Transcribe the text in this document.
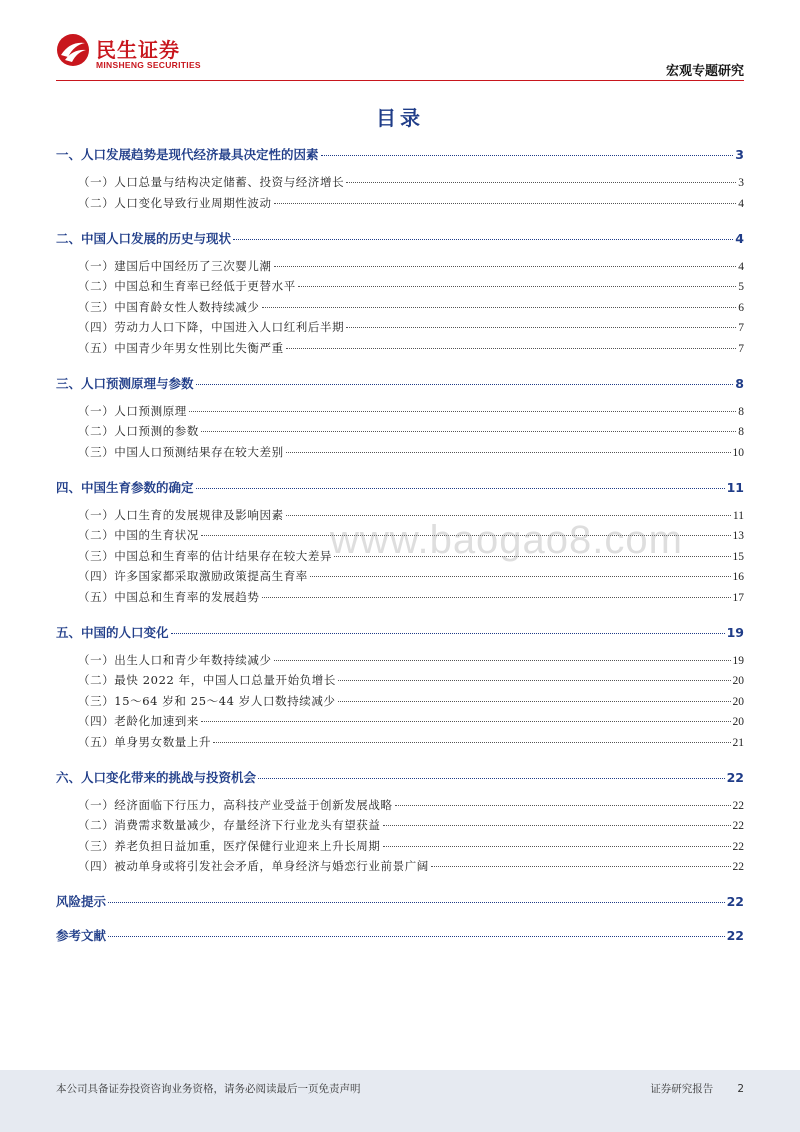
民生证券
MINSHENG SECURITIES	宏观专题研究
目录
一、人口发展趋势是现代经济最具决定性的因素	3
（一）人口总量与结构决定储蓄、投资与经济增长	3
（二）人口变化导致行业周期性波动	4
二、中国人口发展的历史与现状	4
（一）建国后中国经历了三次婴儿潮	4
（二）中国总和生育率已经低于更替水平	5
（三）中国育龄女性人数持续减少	6
（四）劳动力人口下降，中国进入人口红利后半期	7
（五）中国青少年男女性别比失衡严重	7
三、人口预测原理与参数	8
（一）人口预测原理	8
（二）人口预测的参数	8
（三）中国人口预测结果存在较大差别	10
四、中国生育参数的确定	11
（一）人口生育的发展规律及影响因素	11
（二）中国的生育状况	13
（三）中国总和生育率的估计结果存在较大差异	15
（四）许多国家都采取激励政策提高生育率	16
（五）中国总和生育率的发展趋势	17
五、中国的人口变化	19
（一）出生人口和青少年数持续减少	19
（二）最快 2022 年，中国人口总量开始负增长	20
（三）15～64 岁和 25～44 岁人口数持续减少	20
（四）老龄化加速到来	20
（五）单身男女数量上升	21
六、人口变化带来的挑战与投资机会	22
（一）经济面临下行压力，高科技产业受益于创新发展战略	22
（二）消费需求数量减少，存量经济下行业龙头有望获益	22
（三）养老负担日益加重，医疗保健行业迎来上升长周期	22
（四）被动单身或将引发社会矛盾，单身经济与婚恋行业前景广阔	22
风险提示	22
参考文献	22
www.baogao8.com
本公司具备证券投资咨询业务资格，请务必阅读最后一页免责声明	证券研究报告 2
